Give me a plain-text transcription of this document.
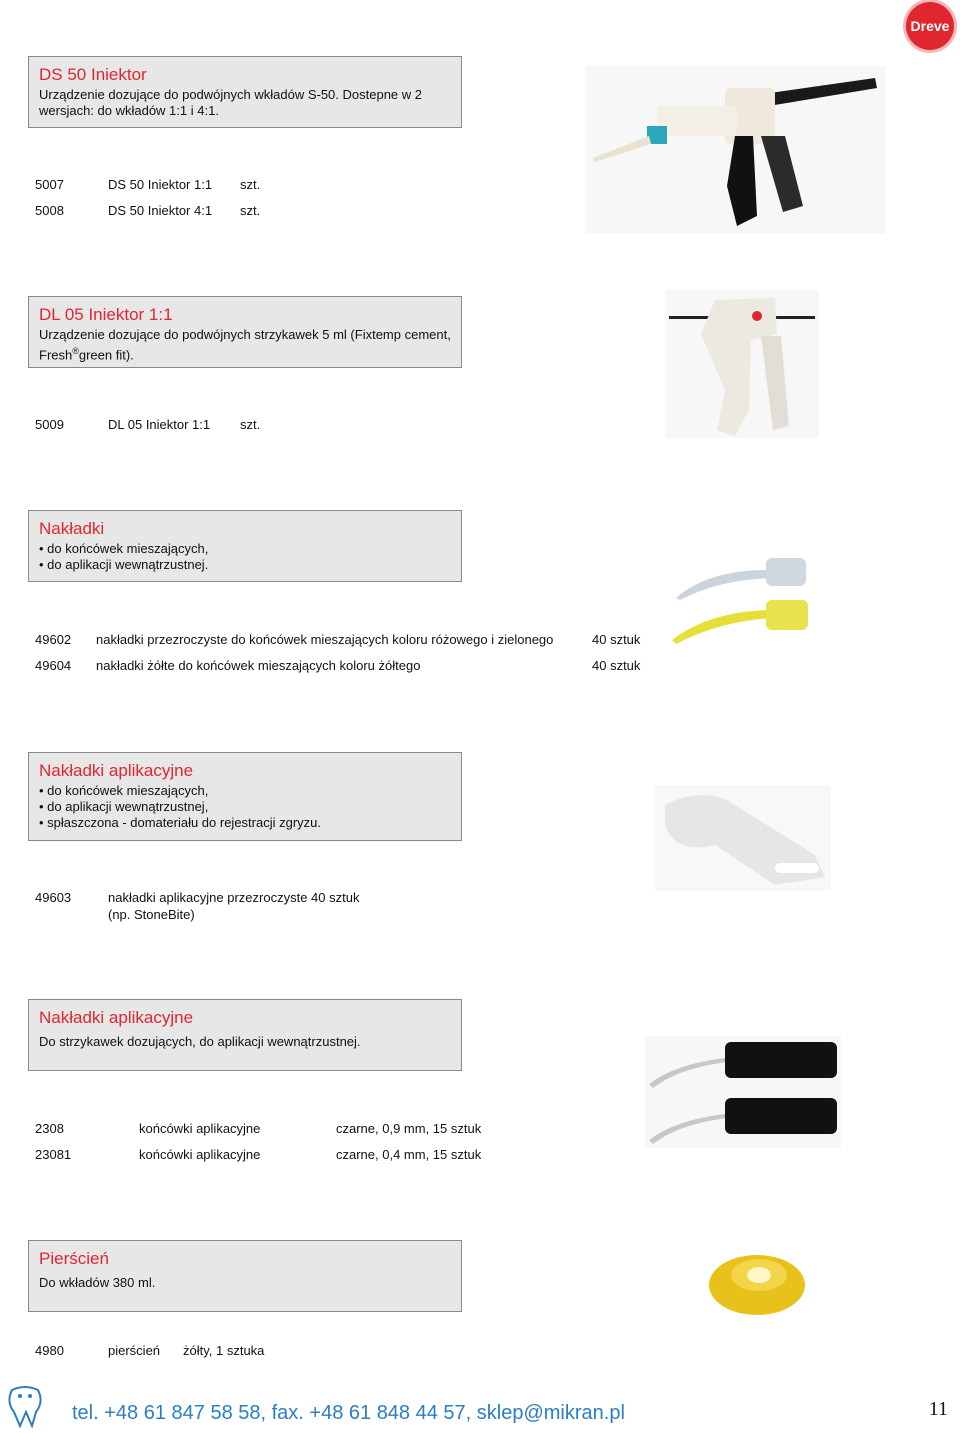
Dreve
DS 50 Iniektor
Urządzenie dozujące do podwójnych wkładów S-50. Dostepne w 2 wersjach: do wkładów 1:1 i 4:1.
5007	DS 50 Iniektor 1:1 szt.
5008	DS 50 Iniektor 4:1 szt.
DL 05 Iniektor 1:1
Urządzenie dozujące do podwójnych strzykawek 5 ml (Fixtemp cement, Fresh®green fit).
5009	DL 05 Iniektor 1:1 szt.
Nakładki
• do końcówek mieszających,
• do aplikacji wewnątrzustnej.
49602 nakładki przezroczyste do końcówek mieszających koloru różowego i zielonego	40 sztuk
49604 nakładki żółte do końcówek mieszających koloru żółtego	40 sztuk
Nakładki aplikacyjne
• do końcówek mieszających,
• do aplikacji wewnątrzustnej,
• spłaszczona - domateriału do rejestracji zgryzu.
49603	nakładki aplikacyjne przezroczyste 40 sztuk
(np. StoneBite)
Nakładki aplikacyjne
Do strzykawek dozujących, do aplikacji wewnątrzustnej.
2308	końcówki aplikacyjne	czarne, 0,9 mm, 15 sztuk
23081	końcówki aplikacyjne	czarne, 0,4 mm, 15 sztuk
Pierścień
Do wkładów 380 ml.
4980	pierścień żółty, 1 sztuka
tel. +48 61 847 58 58, fax. +48 61 848 44 57, sklep@mikran.pl	11
